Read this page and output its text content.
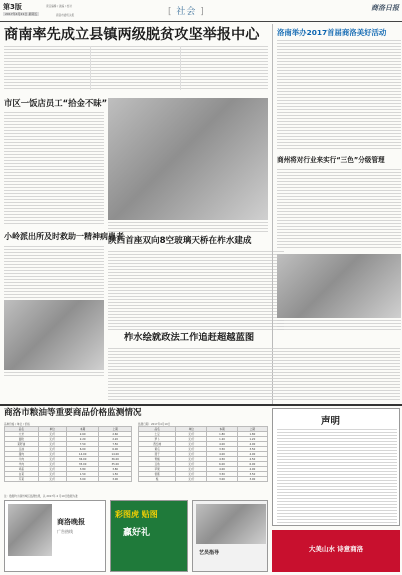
第3版
2017年4月21日 星期五
责任编辑 / 美编 / 校对
商洛市委机关报	[ 社会 ]	商洛日报
商南率先成立县镇两级脱贫攻坚举报中心
市区一饭店员工“拾金不昧”
小岭派出所及时救助一精神病患者
陕西首座双向8空玻璃天桥在柞水建成
洛南举办2017首届商洛美好活动
商州将对行业来实行“三色”分级管理
柞水绘就政法工作追赶超越蓝图
商洛市粮油等重要商品价格监测情况
品种价格 / 单位 / 价格
品名	单位	本期	上期
大米	元/斤	2.60	2.60
面粉	元/斤	2.20	2.20
菜籽油	元/斤	7.50	7.50
豆油	元/斤	6.00	6.00
猪肉	元/斤	14.00	14.00
牛肉	元/斤	36.00	36.00
羊肉	元/斤	35.00	35.00
鸡蛋	元/斤	3.80	3.80
白菜	元/斤	1.50	1.50
芹菜	元/斤	3.00	3.00
监测日期：2017年4月19日
品名	单位	本期	上期
土豆	元/斤	1.80	1.80
萝卜	元/斤	1.20	1.20
西红柿	元/斤	4.00	4.00
黄瓜	元/斤	3.50	3.50
茄子	元/斤	4.00	4.00
青椒	元/斤	4.50	4.50
豆角	元/斤	6.00	6.00
苹果	元/斤	4.00	4.00
香蕉	元/斤	3.50	3.50
梨	元/斤	3.00	3.00
注：数据均为商州城区监测结果，以 2017年 4 月19日数据为准
商洛晚报
广告热线
彩图虎 贴图
赢好礼
艺员指导
声明
大美山水 诗意商洛
